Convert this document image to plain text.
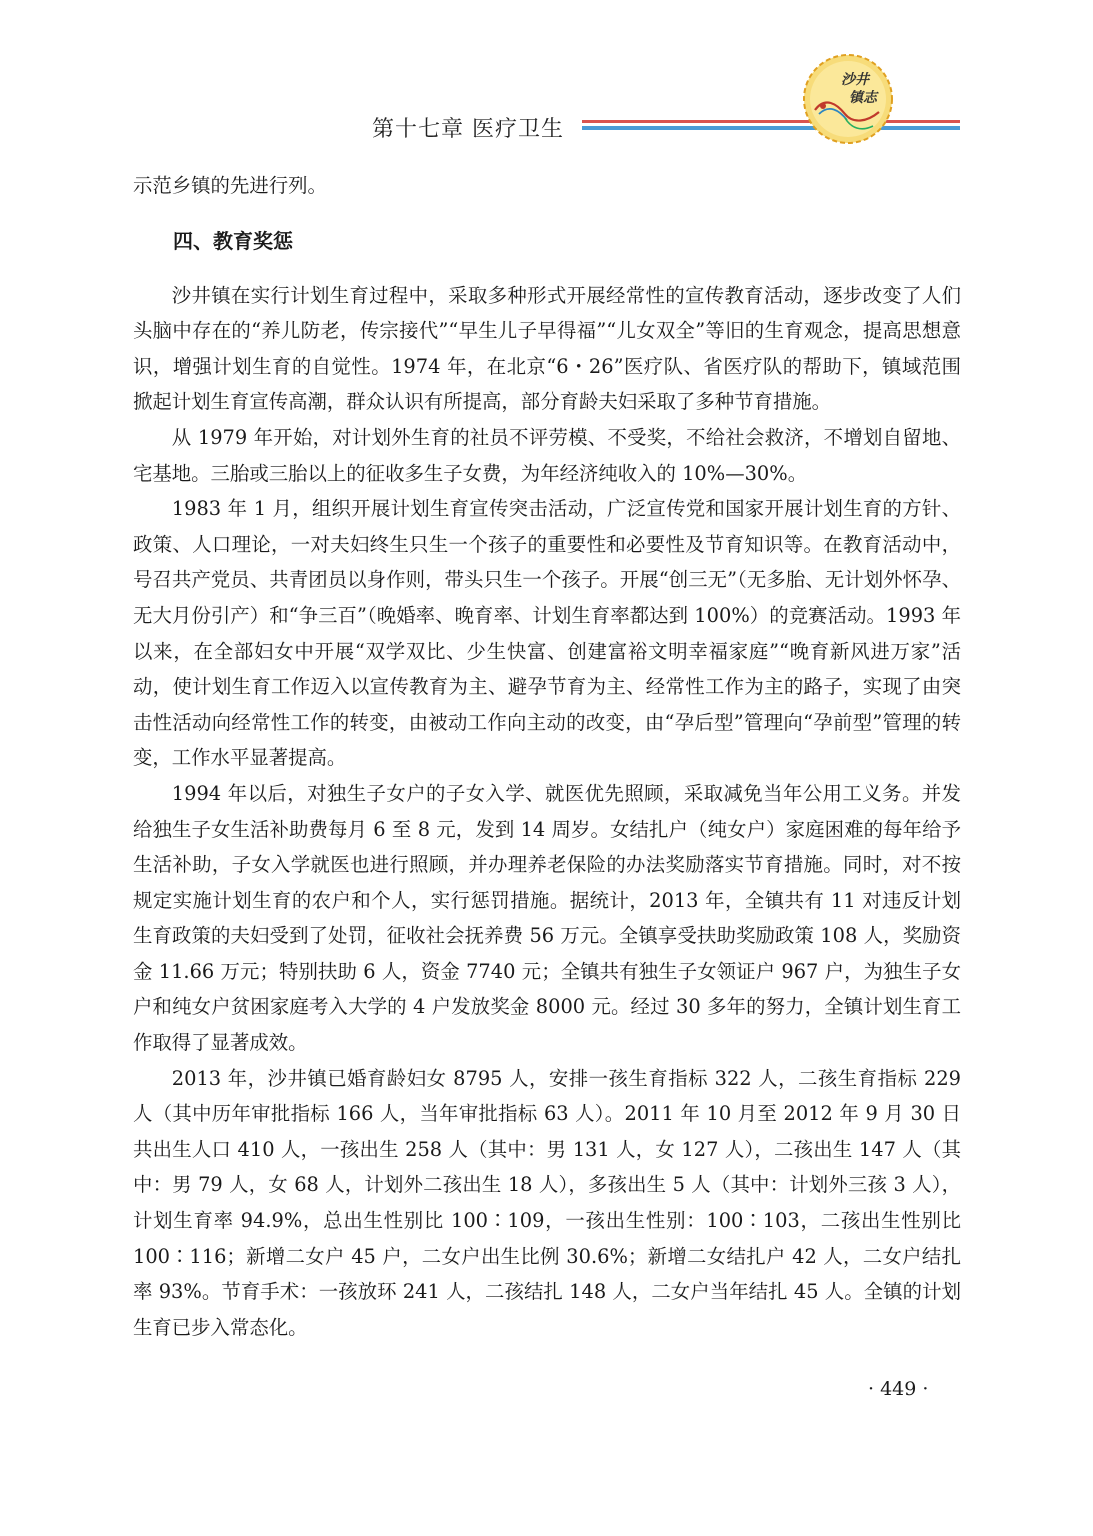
第十七章 医疗卫生
沙井
镇志

示范乡镇的先进行列。

四、教育奖惩

沙井镇在实行计划生育过程中，采取多种形式开展经常性的宣传教育活动，逐步改变了人们头脑中存在的“养儿防老，传宗接代”“早生儿子早得福”“儿女双全”等旧的生育观念，提高思想意识，增强计划生育的自觉性。1974 年，在北京“6・26”医疗队、省医疗队的帮助下，镇域范围掀起计划生育宣传高潮，群众认识有所提高，部分育龄夫妇采取了多种节育措施。

从 1979 年开始，对计划外生育的社员不评劳模、不受奖，不给社会救济，不增划自留地、宅基地。三胎或三胎以上的征收多生子女费，为年经济纯收入的 10%—30%。

1983 年 1 月，组织开展计划生育宣传突击活动，广泛宣传党和国家开展计划生育的方针、政策、人口理论，一对夫妇终生只生一个孩子的重要性和必要性及节育知识等。在教育活动中，号召共产党员、共青团员以身作则，带头只生一个孩子。开展“创三无”（无多胎、无计划外怀孕、无大月份引产）和“争三百”（晚婚率、晚育率、计划生育率都达到 100%）的竞赛活动。1993 年以来，在全部妇女中开展“双学双比、少生快富、创建富裕文明幸福家庭”“晚育新风进万家”活动，使计划生育工作迈入以宣传教育为主、避孕节育为主、经常性工作为主的路子，实现了由突击性活动向经常性工作的转变，由被动工作向主动的改变，由“孕后型”管理向“孕前型”管理的转变，工作水平显著提高。

1994 年以后，对独生子女户的子女入学、就医优先照顾，采取减免当年公用工义务。并发给独生子女生活补助费每月 6 至 8 元，发到 14 周岁。女结扎户（纯女户）家庭困难的每年给予生活补助，子女入学就医也进行照顾，并办理养老保险的办法奖励落实节育措施。同时，对不按规定实施计划生育的农户和个人，实行惩罚措施。据统计，2013 年，全镇共有 11 对违反计划生育政策的夫妇受到了处罚，征收社会抚养费 56 万元。全镇享受扶助奖励政策 108 人，奖励资金 11.66 万元；特别扶助 6 人，资金 7740 元；全镇共有独生子女领证户 967 户，为独生子女户和纯女户贫困家庭考入大学的 4 户发放奖金 8000 元。经过 30 多年的努力，全镇计划生育工作取得了显著成效。

2013 年，沙井镇已婚育龄妇女 8795 人，安排一孩生育指标 322 人，二孩生育指标 229 人（其中历年审批指标 166 人，当年审批指标 63 人）。2011 年 10 月至 2012 年 9 月 30 日共出生人口 410 人，一孩出生 258 人（其中：男 131 人，女 127 人），二孩出生 147 人（其中：男 79 人，女 68 人，计划外二孩出生 18 人），多孩出生 5 人（其中：计划外三孩 3 人），计划生育率 94.9%，总出生性别比 100∶109，一孩出生性别：100∶103，二孩出生性别比 100∶116；新增二女户 45 户，二女户出生比例 30.6%；新增二女结扎户 42 人，二女户结扎率 93%。节育手术：一孩放环 241 人，二孩结扎 148 人，二女户当年结扎 45 人。全镇的计划生育已步入常态化。

· 449 ·
